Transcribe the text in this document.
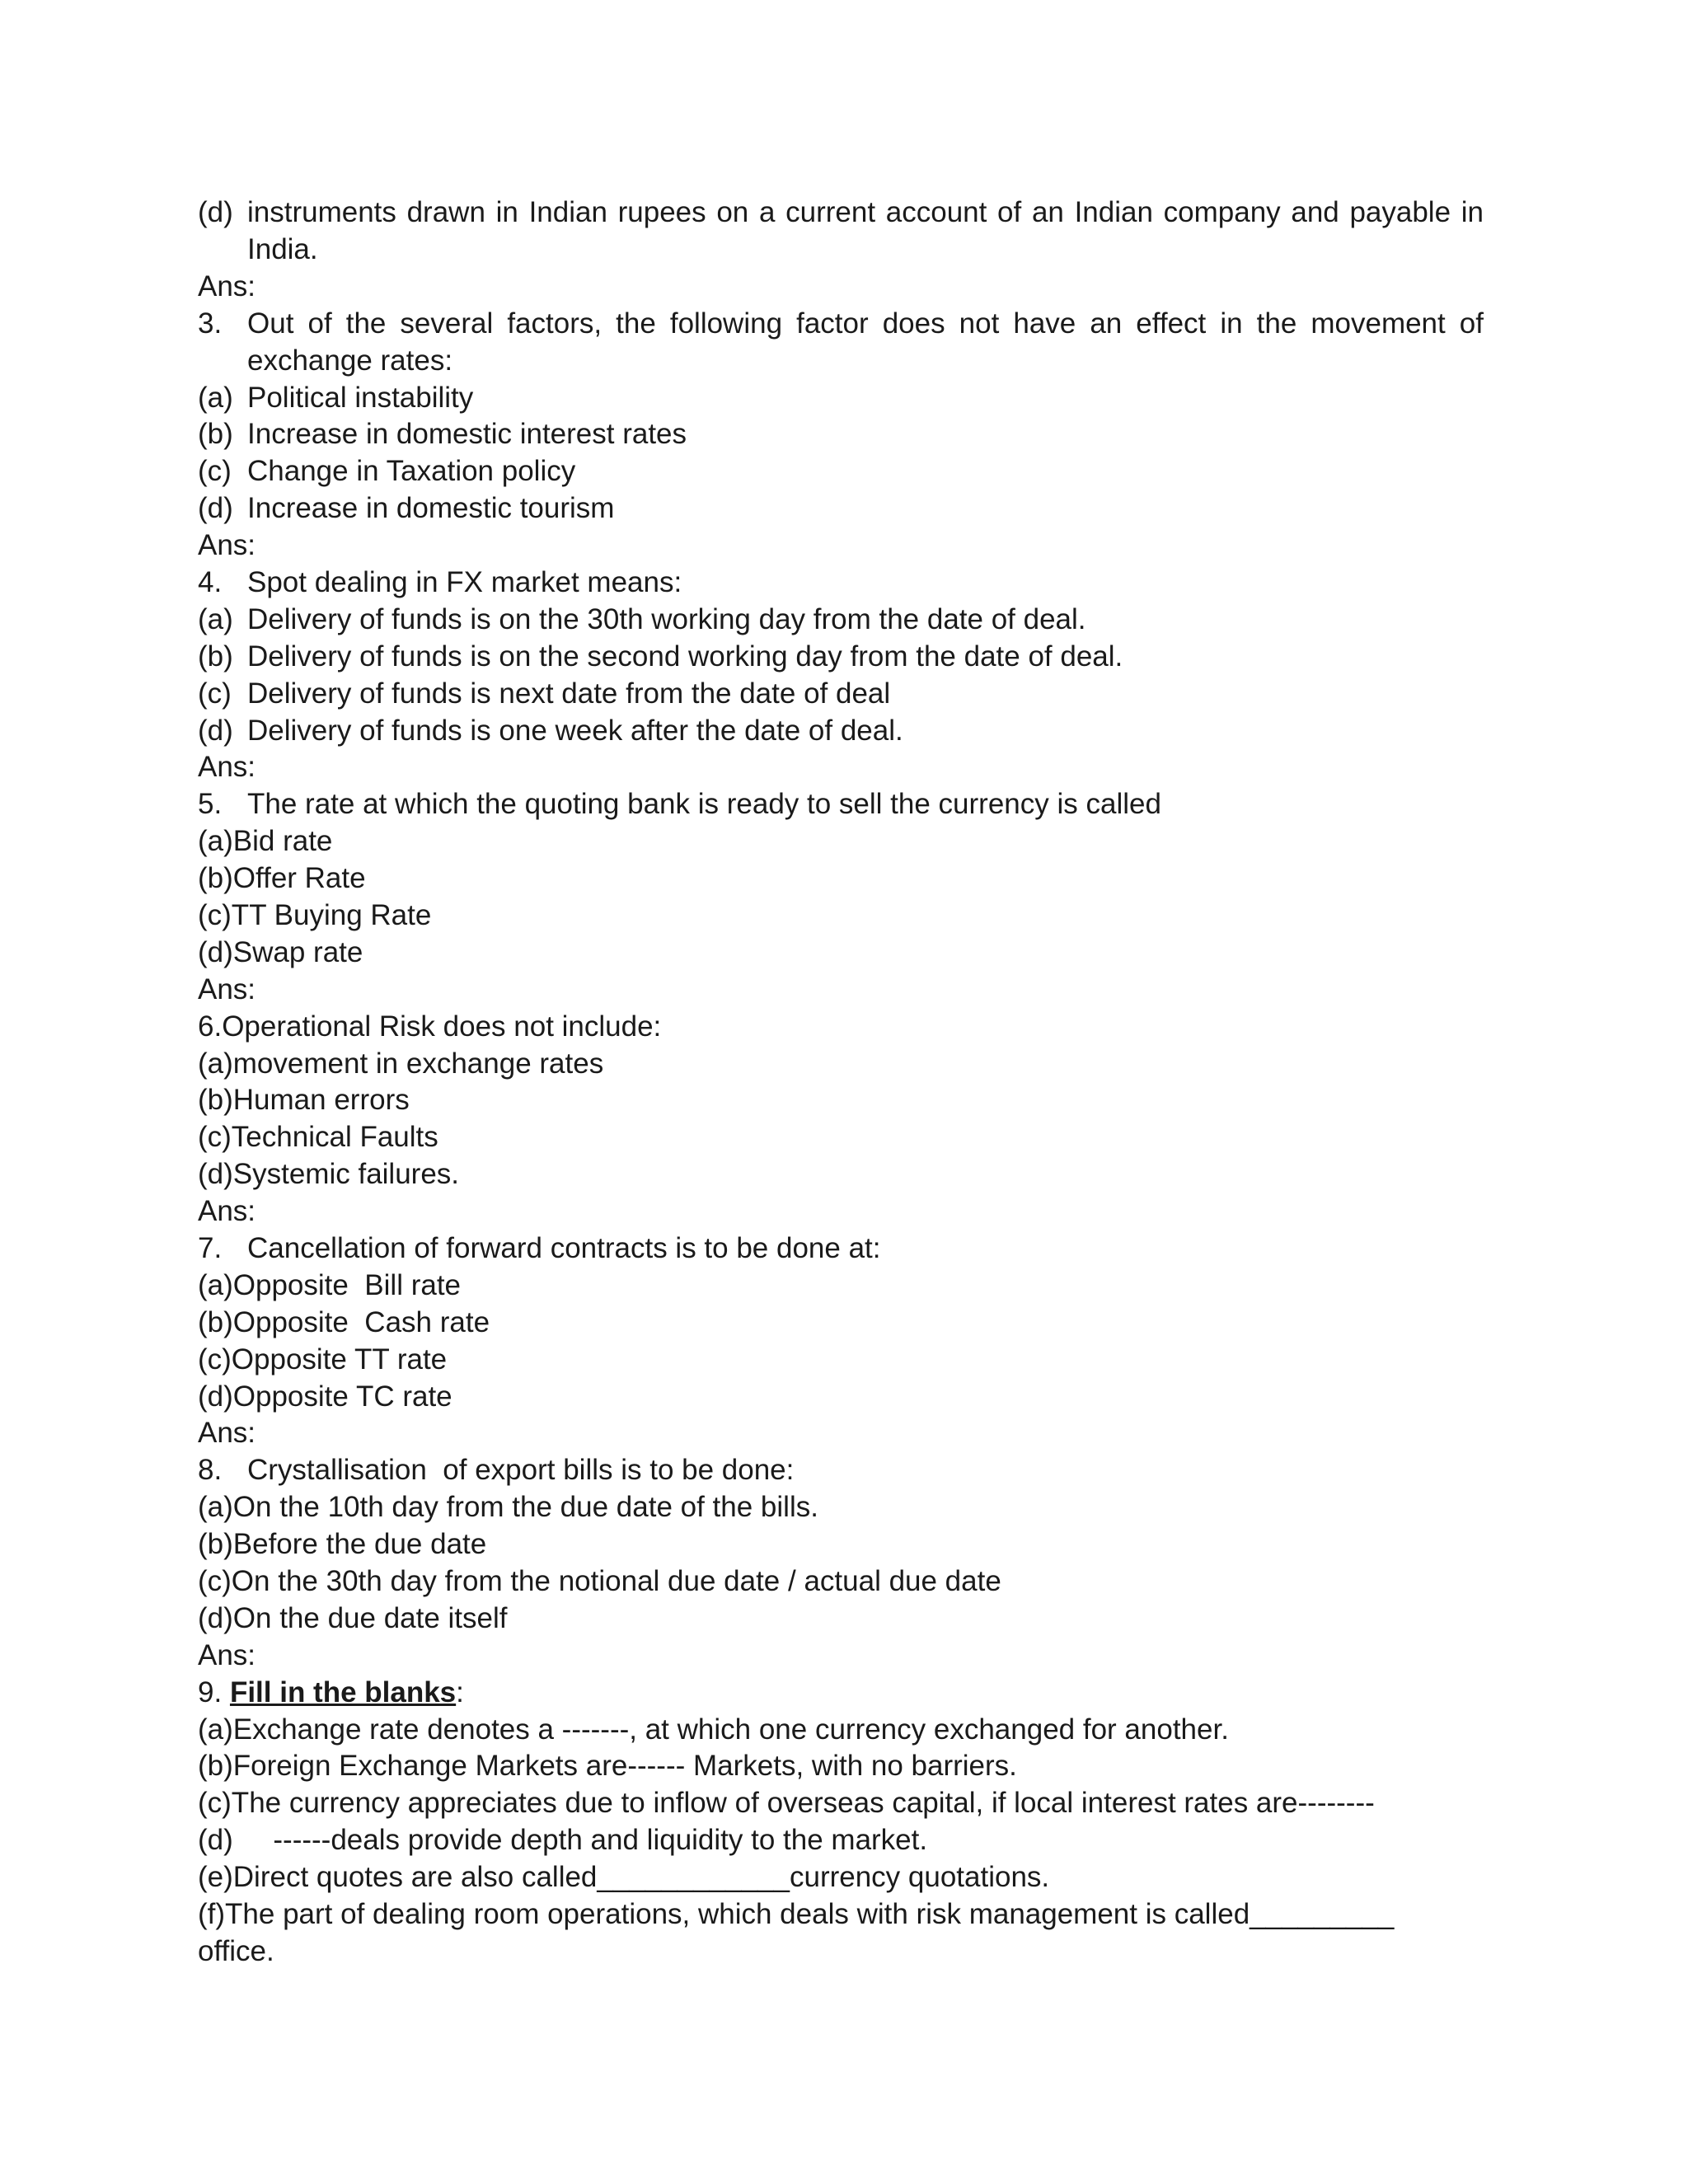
(d) instruments drawn in Indian rupees on a current account of an Indian company and payable in India.
Ans:
3. Out of the several factors, the following factor does not have an effect in the movement of exchange rates:
(a) Political instability
(b) Increase in domestic interest rates
(c) Change in Taxation policy
(d) Increase in domestic tourism
Ans:
4. Spot dealing in FX market means:
(a) Delivery of funds is on the 30th working day from the date of deal.
(b) Delivery of funds is on the second working day from the date of deal.
(c) Delivery of funds is next date from the date of deal
(d) Delivery of funds is one week after the date of deal.
Ans:
5. The rate at which the quoting bank is ready to sell the currency is called
(a)Bid rate
(b)Offer Rate
(c)TT Buying Rate
(d)Swap rate
Ans:
6.Operational Risk does not include:
(a)movement in exchange rates
(b)Human errors
(c)Technical Faults
(d)Systemic failures.
Ans:
7. Cancellation of forward contracts is to be done at:
(a)Opposite  Bill rate
(b)Opposite  Cash rate
(c)Opposite TT rate
(d)Opposite TC rate
Ans:
8. Crystallisation  of export bills is to be done:
(a)On the 10th day from the due date of the bills.
(b)Before the due date
(c)On the 30th day from the notional due date / actual due date
(d)On the due date itself
Ans:
9. Fill in the blanks:
(a)Exchange rate denotes a -------, at which one currency exchanged for another.
(b)Foreign Exchange Markets are------ Markets, with no barriers.
(c)The currency appreciates due to inflow of overseas capital, if local interest rates are--------
(d)     ------deals provide depth and liquidity to the market.
(e)Direct quotes are also called____________currency quotations.
(f)The part of dealing room operations, which deals with risk management is called_________
office.
